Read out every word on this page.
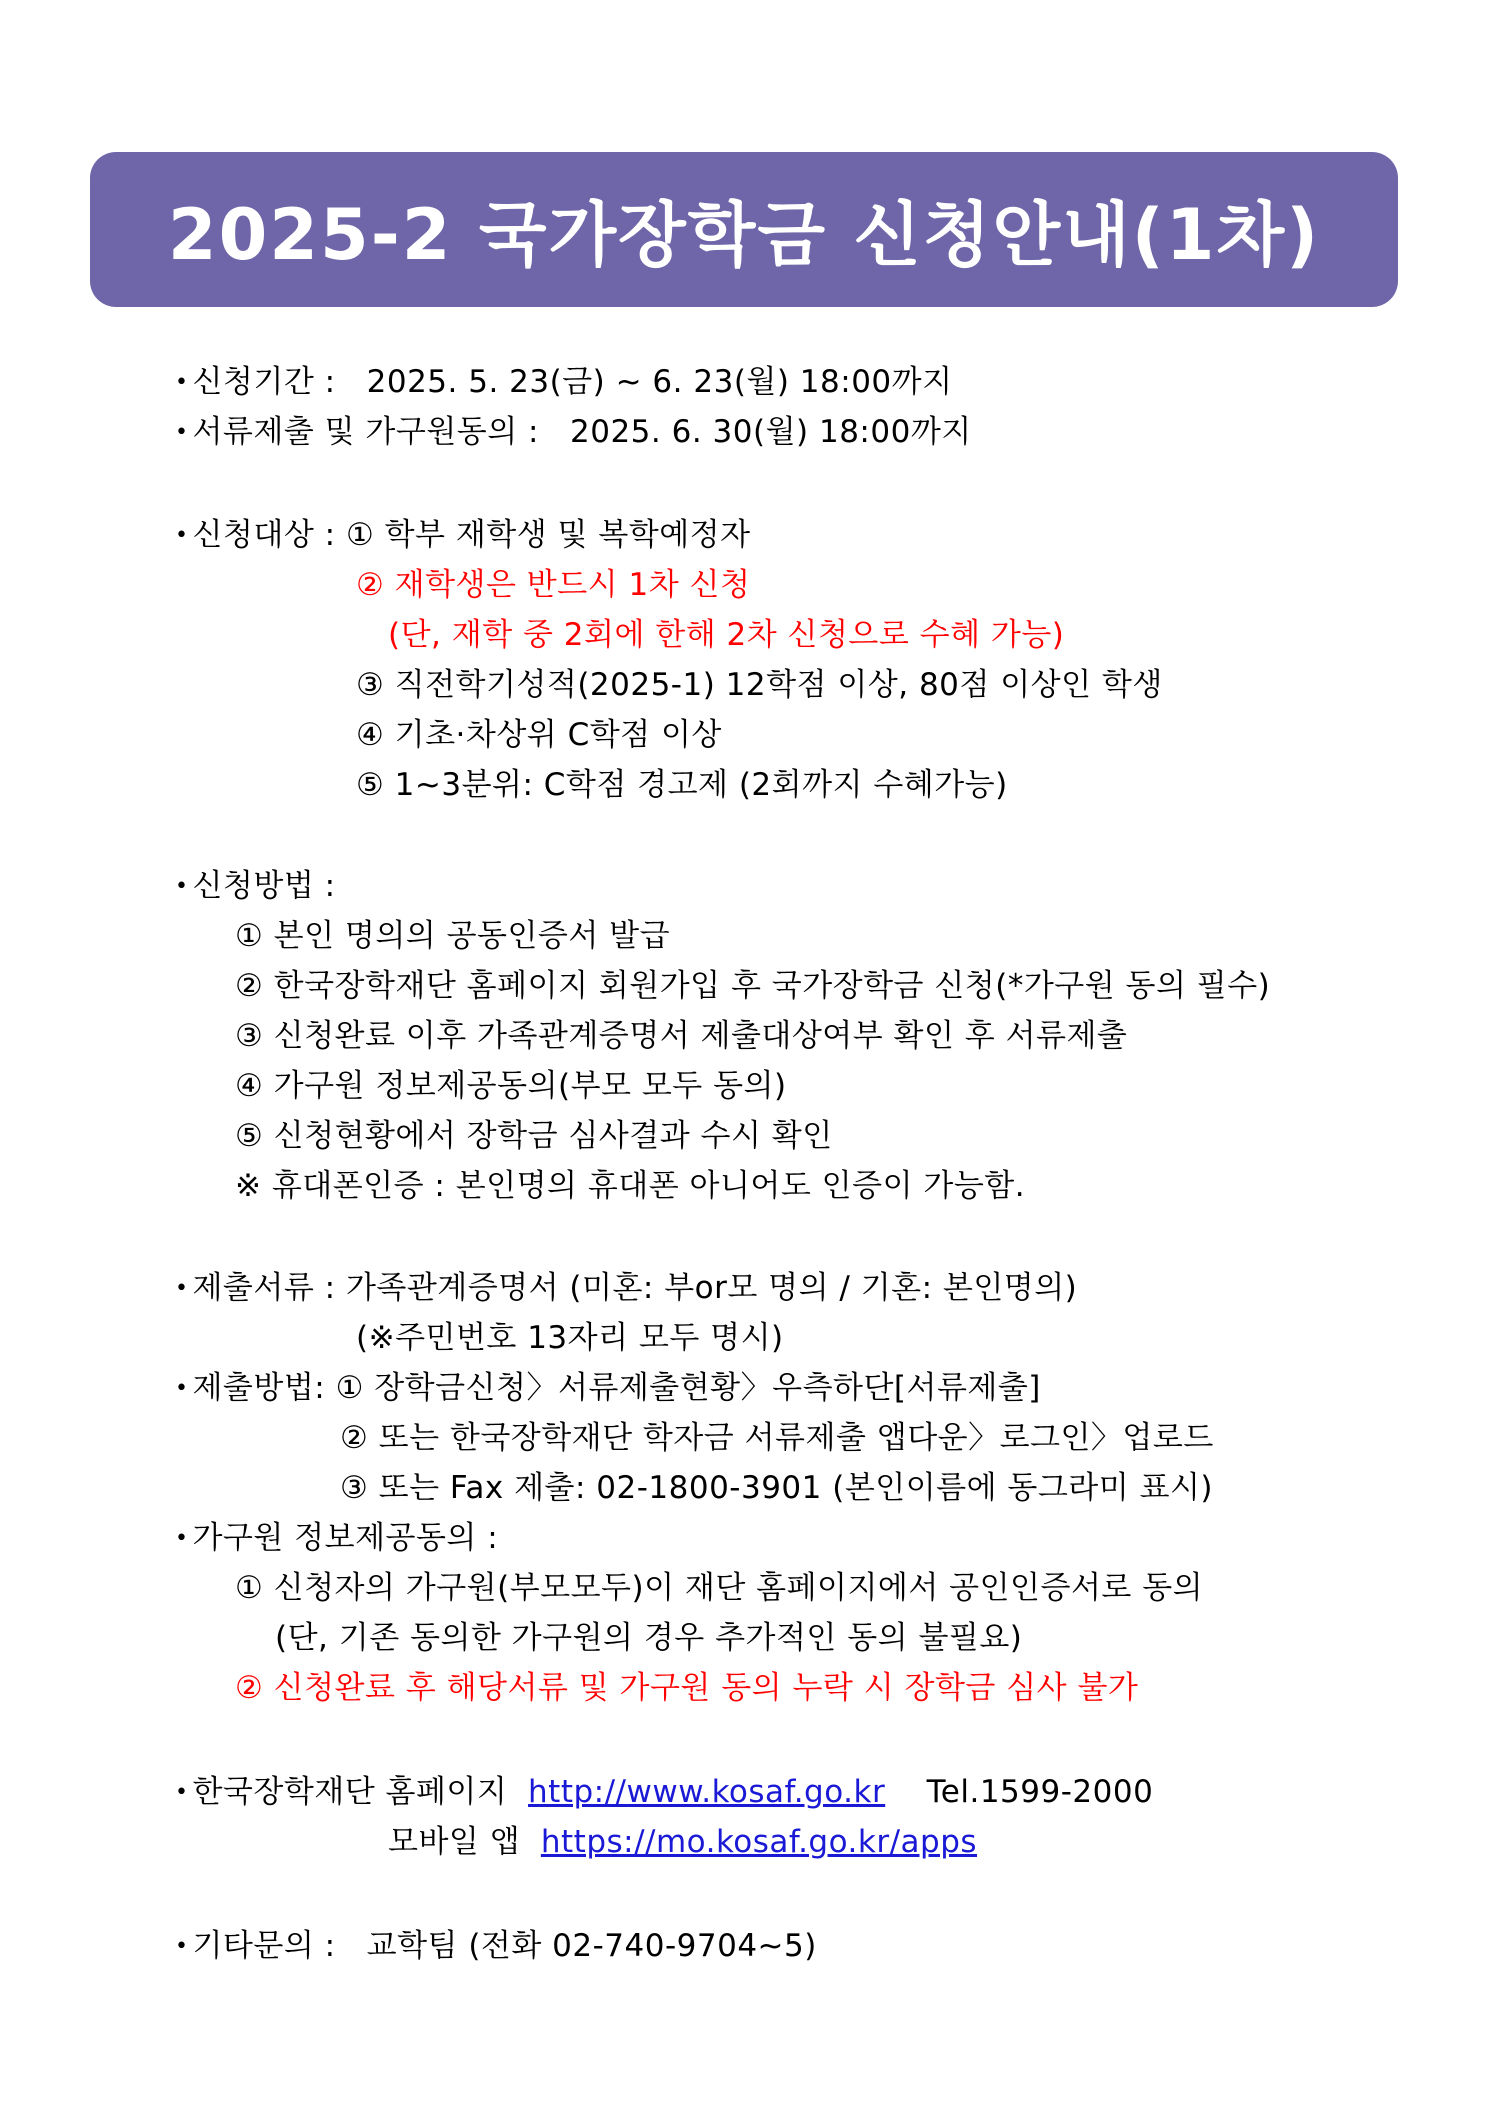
2025-2 국가장학금 신청안내(1차)
• 신청기간 : 2025. 5. 23(금) ~ 6. 23(월) 18:00까지
• 서류제출 및 가구원동의 : 2025. 6. 30(월) 18:00까지
• 신청대상 : ① 학부 재학생 및 복학예정자
② 재학생은 반드시 1차 신청
(단, 재학 중 2회에 한해 2차 신청으로 수혜 가능)
③ 직전학기성적(2025-1) 12학점 이상, 80점 이상인 학생
④ 기초·차상위 C학점 이상
⑤ 1~3분위: C학점 경고제 (2회까지 수혜가능)
• 신청방법 :
① 본인 명의의 공동인증서 발급
② 한국장학재단 홈페이지 회원가입 후 국가장학금 신청(*가구원 동의 필수)
③ 신청완료 이후 가족관계증명서 제출대상여부 확인 후 서류제출
④ 가구원 정보제공동의(부모 모두 동의)
⑤ 신청현황에서 장학금 심사결과 수시 확인
※ 휴대폰인증 : 본인명의 휴대폰 아니어도 인증이 가능함.
• 제출서류 : 가족관계증명서 (미혼: 부or모 명의 / 기혼: 본인명의)
(※주민번호 13자리 모두 명시)
• 제출방법: ① 장학금신청〉서류제출현황〉우측하단[서류제출]
② 또는 한국장학재단 학자금 서류제출 앱다운〉로그인〉업로드
③ 또는 Fax 제출: 02-1800-3901 (본인이름에 동그라미 표시)
• 가구원 정보제공동의 :
① 신청자의 가구원(부모모두)이 재단 홈페이지에서 공인인증서로 동의
(단, 기존 동의한 가구원의 경우 추가적인 동의 불필요)
② 신청완료 후 해당서류 및 가구원 동의 누락 시 장학금 심사 불가
• 한국장학재단 홈페이지 http://www.kosaf.go.kr Tel.1599-2000
모바일 앱 https://mo.kosaf.go.kr/apps
• 기타문의 : 교학팀 (전화 02-740-9704~5)
